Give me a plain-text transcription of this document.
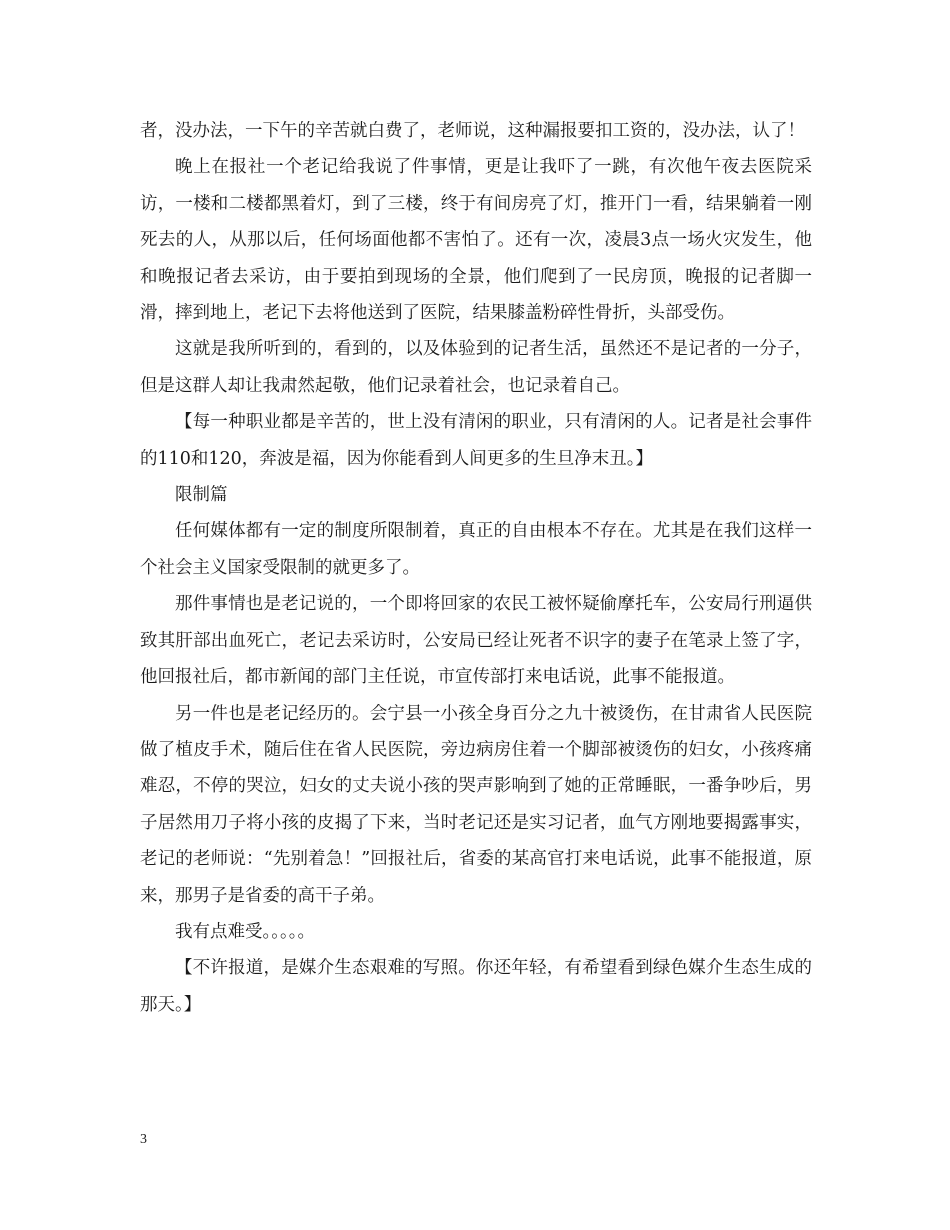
者，没办法，一下午的辛苦就白费了，老师说，这种漏报要扣工资的，没办法，认了！

晚上在报社一个老记给我说了件事情，更是让我吓了一跳，有次他午夜去医院采访，一楼和二楼都黑着灯，到了三楼，终于有间房亮了灯，推开门一看，结果躺着一刚死去的人，从那以后，任何场面他都不害怕了。还有一次，凌晨3点一场火灾发生，他和晚报记者去采访，由于要拍到现场的全景，他们爬到了一民房顶，晚报的记者脚一滑，摔到地上，老记下去将他送到了医院，结果膝盖粉碎性骨折，头部受伤。

这就是我所听到的，看到的，以及体验到的记者生活，虽然还不是记者的一分子，但是这群人却让我肃然起敬，他们记录着社会，也记录着自己。

【每一种职业都是辛苦的，世上没有清闲的职业，只有清闲的人。记者是社会事件的110和120，奔波是福，因为你能看到人间更多的生旦净末丑。】

限制篇

任何媒体都有一定的制度所限制着，真正的自由根本不存在。尤其是在我们这样一个社会主义国家受限制的就更多了。

那件事情也是老记说的，一个即将回家的农民工被怀疑偷摩托车，公安局行刑逼供致其肝部出血死亡，老记去采访时，公安局已经让死者不识字的妻子在笔录上签了字，他回报社后，都市新闻的部门主任说，市宣传部打来电话说，此事不能报道。

另一件也是老记经历的。会宁县一小孩全身百分之九十被烫伤，在甘肃省人民医院做了植皮手术，随后住在省人民医院，旁边病房住着一个脚部被烫伤的妇女，小孩疼痛难忍，不停的哭泣，妇女的丈夫说小孩的哭声影响到了她的正常睡眠，一番争吵后，男子居然用刀子将小孩的皮揭了下来，当时老记还是实习记者，血气方刚地要揭露事实，老记的老师说：“先别着急！”回报社后，省委的某高官打来电话说，此事不能报道，原来，那男子是省委的高干子弟。

我有点难受。。。。。

【不许报道，是媒介生态艰难的写照。你还年轻，有希望看到绿色媒介生态生成的那天。】

3
